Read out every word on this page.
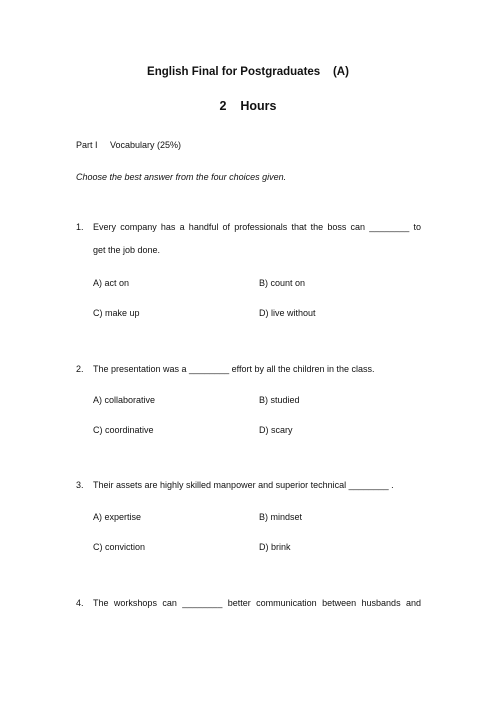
English Final for Postgraduates    (A)
2    Hours
Part I     Vocabulary (25%)
Choose the best answer from the four choices given.
1. Every company has a handful of professionals that the boss can ________ to
get the job done.
A) act on	B) count on
C) make up	D) live without
2. The presentation was a ________ effort by all the children in the class.
A) collaborative	B) studied
C) coordinative	D) scary
3. Their assets are highly skilled manpower and superior technical ________ .
A) expertise	B) mindset
C) conviction	D) brink
4. The workshops can ________ better communication between husbands and
